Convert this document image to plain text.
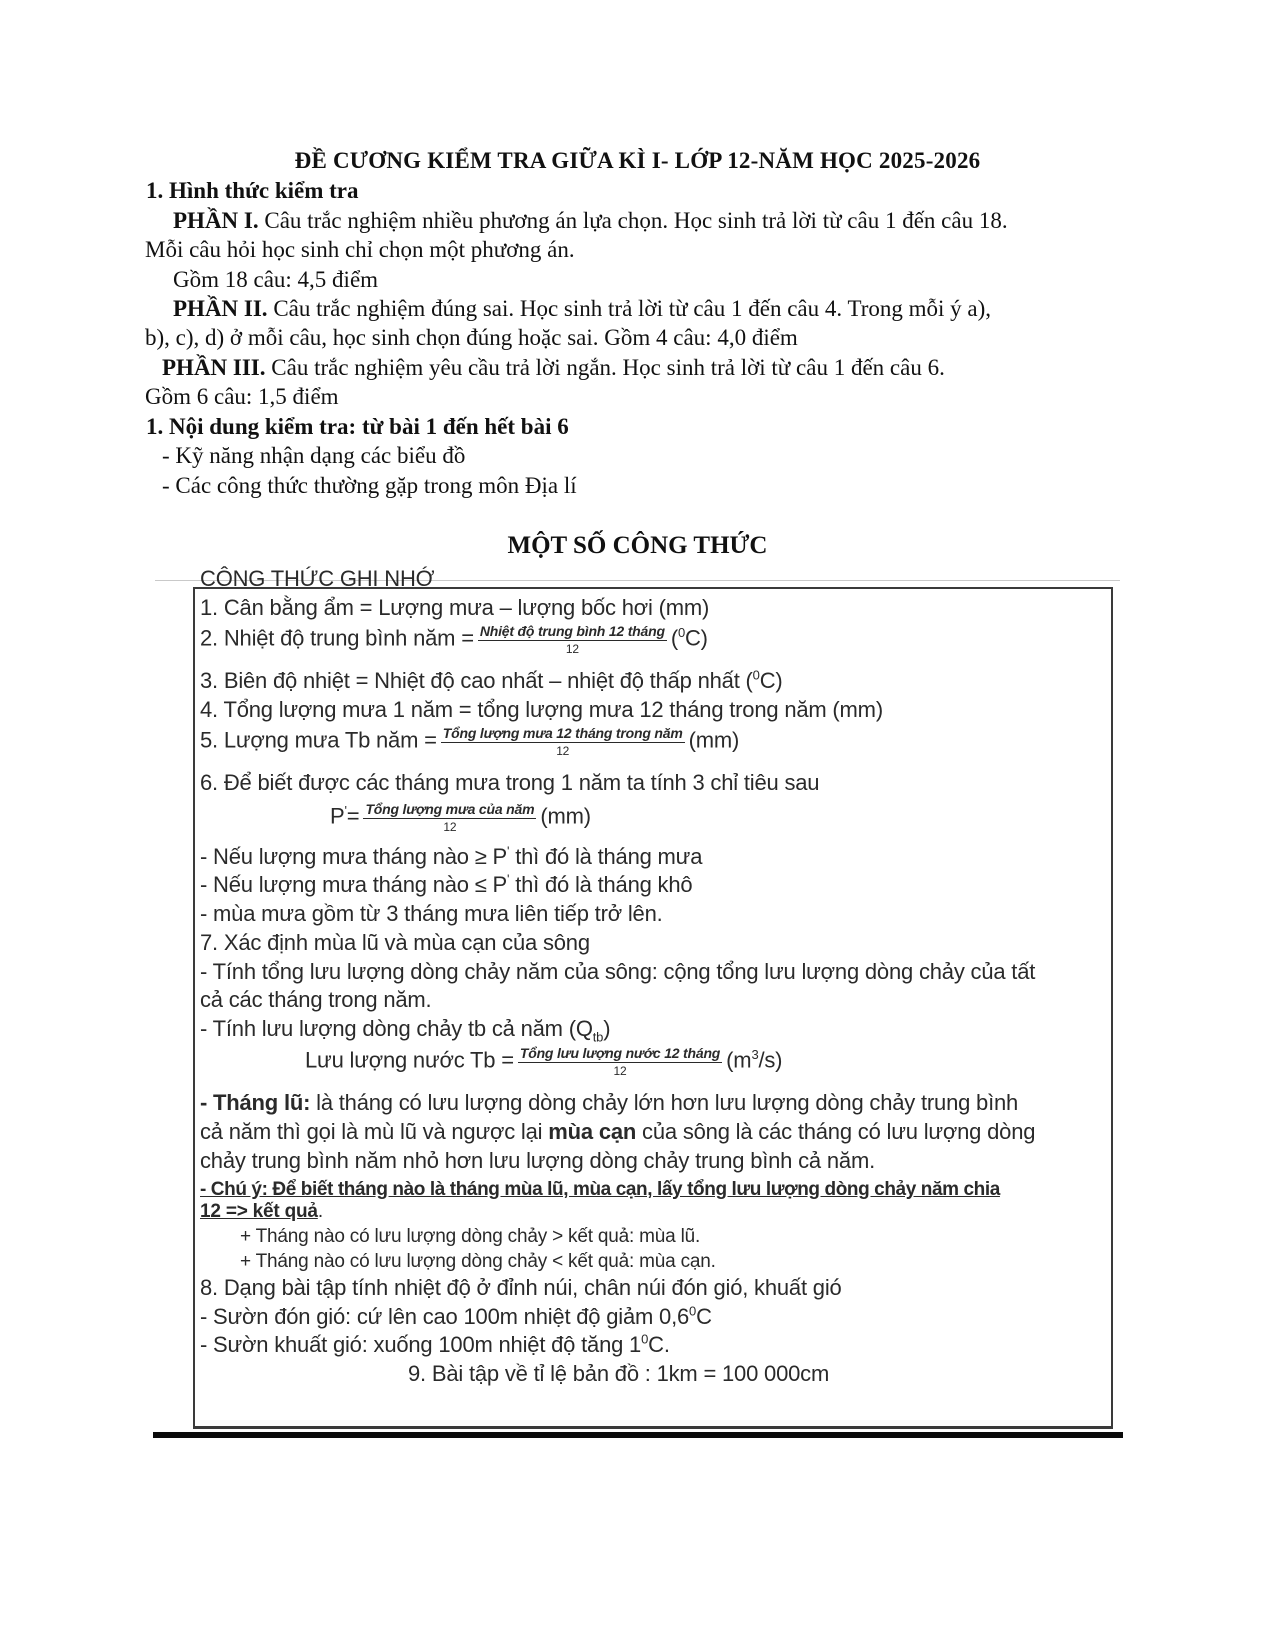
ĐỀ CƯƠNG KIỂM TRA GIỮA KÌ I- LỚP 12-NĂM HỌC 2025-2026
1. Hình thức kiểm tra
PHẦN I. Câu trắc nghiệm nhiều phương án lựa chọn. Học sinh trả lời từ câu 1 đến câu 18.
Mỗi câu hỏi học sinh chỉ chọn một phương án.
Gồm 18 câu: 4,5 điểm
PHẦN II. Câu trắc nghiệm đúng sai. Học sinh trả lời từ câu 1 đến câu 4. Trong mỗi ý a),
b), c), d) ở mỗi câu, học sinh chọn đúng hoặc sai. Gồm 4 câu: 4,0 điểm
PHẦN III. Câu trắc nghiệm yêu cầu trả lời ngắn. Học sinh trả lời từ câu 1 đến câu 6.
Gồm 6 câu: 1,5 điểm
1. Nội dung kiểm tra: từ bài 1 đến hết bài 6
- Kỹ năng nhận dạng các biểu đồ
- Các công thức thường gặp trong môn Địa lí
MỘT SỐ CÔNG THỨC
CÔNG THỨC GHI NHỚ
1. Cân bằng ẩm = Lượng mưa – lượng bốc hơi (mm)
2. Nhiệt độ trung bình năm = $\frac{\text{Nhiệt độ trung bình 12 tháng}}{12} (^0C)$
3. Biên độ nhiệt = Nhiệt độ cao nhất – nhiệt độ thấp nhất ($^0$C)
4. Tổng lượng mưa 1 năm = tổng lượng mưa 12 tháng trong năm (mm)
5. Lượng mưa Tb năm = $\frac{\text{Tổng lượng mưa 12 tháng trong năm}}{12} (mm)$
6. Để biết được các tháng mưa trong 1 năm ta tính 3 chỉ tiêu sau
$P'= \frac{\text{Tổng lượng mưa của năm}}{12} (mm)$
- Nếu lượng mưa tháng nào ≥ P' thì đó là tháng mưa
- Nếu lượng mưa tháng nào ≤ P' thì đó là tháng khô
- mùa mưa gồm từ 3 tháng mưa liên tiếp trở lên.
7. Xác định mùa lũ và mùa cạn của sông
- Tính tổng lưu lượng dòng chảy năm của sông: cộng tổng lưu lượng dòng chảy của tất
cả các tháng trong năm.
- Tính lưu lượng dòng chảy tb cả năm $(Q_{tb})$
Lưu lượng nước $Tb = \frac{\text{Tổng lưu lượng nước 12 tháng}}{12} (m^3/s)$
- Tháng lũ: là tháng có lưu lượng dòng chảy lớn hơn lưu lượng dòng chảy trung bình
cả năm thì gọi là mù lũ và ngược lại mùa cạn của sông là các tháng có lưu lượng dòng
chảy trung bình năm nhỏ hơn lưu lượng dòng chảy trung bình cả năm.
- Chú ý: Để biết tháng nào là tháng mùa lũ, mùa cạn, lấy tổng lưu lượng dòng chảy năm chia
12 => kết quả.
+ Tháng nào có lưu lượng dòng chảy > kết quả: mùa lũ.
+ Tháng nào có lưu lượng dòng chảy < kết quả: mùa cạn.
8. Dạng bài tập tính nhiệt độ ở đỉnh núi, chân núi đón gió, khuất gió
- Sườn đón gió: cứ lên cao 100m nhiệt độ giảm $0,6^0C$
- Sườn khuất gió: xuống 100m nhiệt độ tăng $1^0C$.
9. Bài tập về tỉ lệ bản đồ : 1km = 100 000cm
